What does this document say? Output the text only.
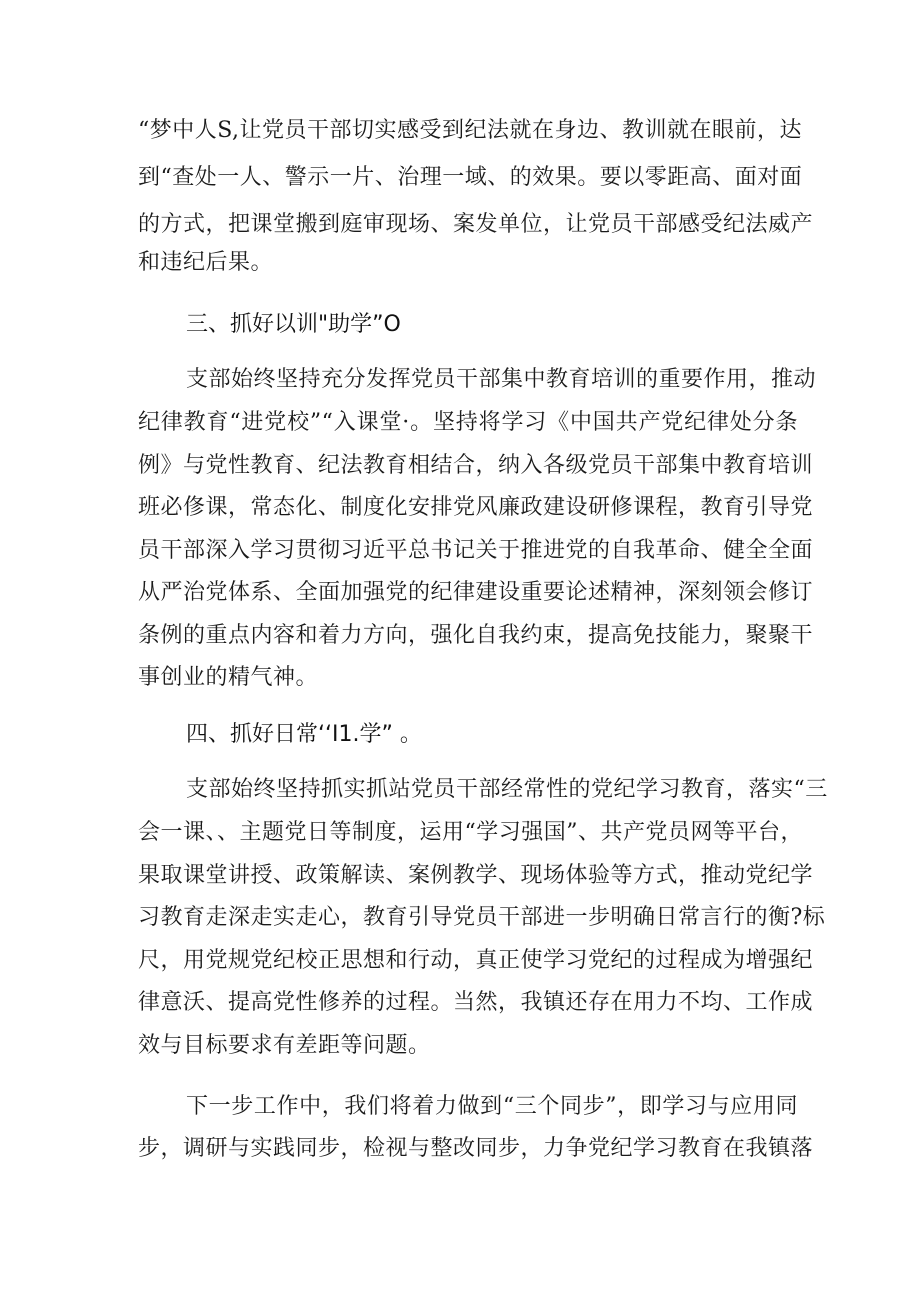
“梦中人S,让党员干部切实感受到纪法就在身边、教训就在眼前，达
到“查处一人、警示一片、治理一域、的效果。要以零距高、面对面
的方式，把课堂搬到庭审现场、案发单位，让党员干部感受纪法威产
和违纪后果。
三、抓好以训"助学”O
支部始终坚持充分发挥党员干部集中教育培训的重要作用，推动
纪律教育“进党校”“入课堂·。坚持将学习《中国共产党纪律处分条
例》与党性教育、纪法教育相结合，纳入各级党员干部集中教育培训
班必俢课，常态化、制度化安排党风廉政建设研修课程，教育引导党
员干部深入学习贯彻习近平总书记关于推进党的自我革命、健全全面
从严治党体系、全面加强党的纪律建设重要论述精神，深刻领会修订
条例的重点内容和着力方向，强化自我约束，提高免技能力，聚聚干
事创业的精气神。
四、抓好日常‘‘I1.学” 。
支部始终坚持抓实抓站党员干部经常性的党纪学习教育，落实“三
会一课、、主题党日等制度，运用“学习强国”、共产党员网等平台，
果取课堂讲授、政策解读、案例教学、现场体验等方式，推动党纪学
习教育走深走实走心，教育引导党员干部进一步明确日常言行的衡?标
尺，用党规党纪校正思想和行动，真正使学习党纪的过程成为增强纪
律意沃、提高党性修养的过程。当然，我镇还存在用力不均、工作成
效与目标要求有差距等问题。
下一步工作中，我们将着力做到“三个同步”，即学习与应用同
步，调研与实践同步，检视与整改同步，力争党纪学习教育在我镇落
